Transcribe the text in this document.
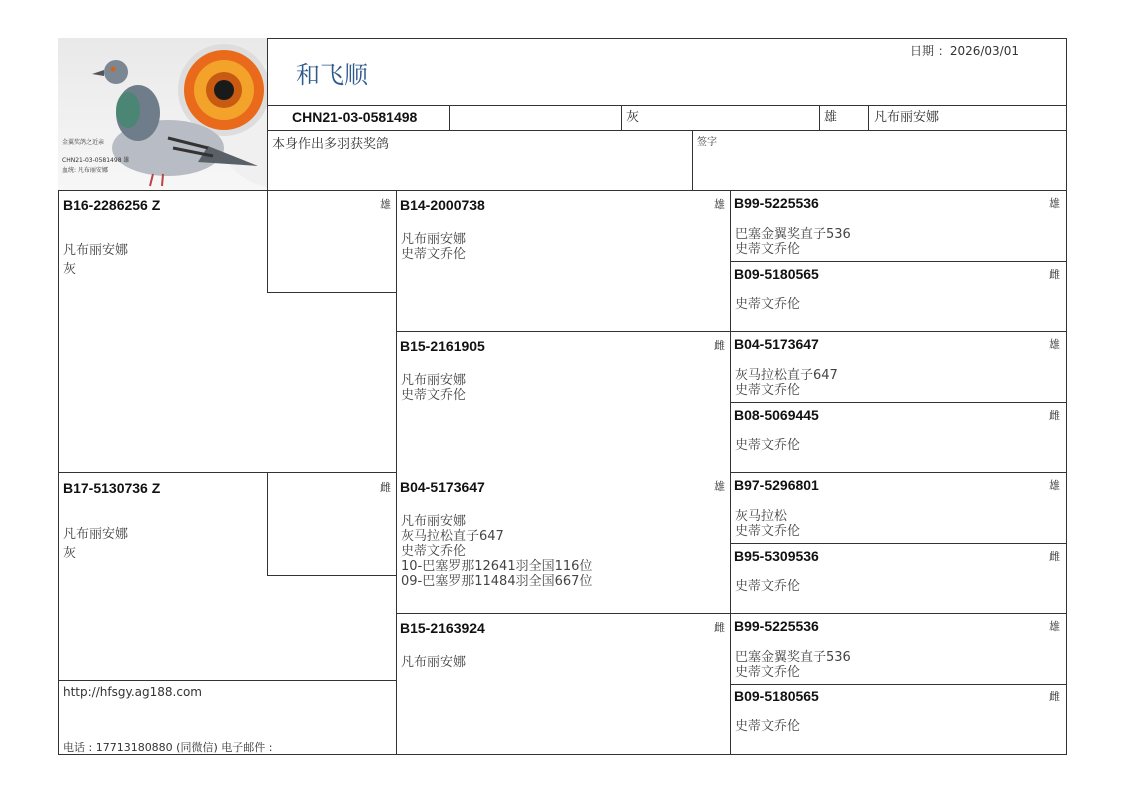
金翼奖鸽之近亲
CHN21-03-0581498 雄
血统: 凡布丽安娜
和飞顺
日期 ：2026/03/01
CHN21-03-0581498	灰	雄	凡布丽安娜
本身作出多羽获奖鸽	签字
B16-2286256 Z
凡布丽安娜
灰
雄
B17-5130736 Z
凡布丽安娜
灰
雌
http://hfsgy.ag188.com
电话 : 17713180880 (同微信) 电子邮件 :
B14-2000738	雄
凡布丽安娜
史蒂文乔伦
B15-2161905	雌
凡布丽安娜
史蒂文乔伦
B04-5173647	雄
凡布丽安娜
灰马拉松直子647
史蒂文乔伦
10-巴塞罗那12641羽全国116位
09-巴塞罗那11484羽全国667位
B15-2163924	雌
凡布丽安娜
B99-5225536	雄
巴塞金翼奖直子536
史蒂文乔伦
B09-5180565	雌
史蒂文乔伦
B04-5173647	雄
灰马拉松直子647
史蒂文乔伦
B08-5069445	雌
史蒂文乔伦
B97-5296801	雄
灰马拉松
史蒂文乔伦
B95-5309536	雌
史蒂文乔伦
B99-5225536	雄
巴塞金翼奖直子536
史蒂文乔伦
B09-5180565	雌
史蒂文乔伦
